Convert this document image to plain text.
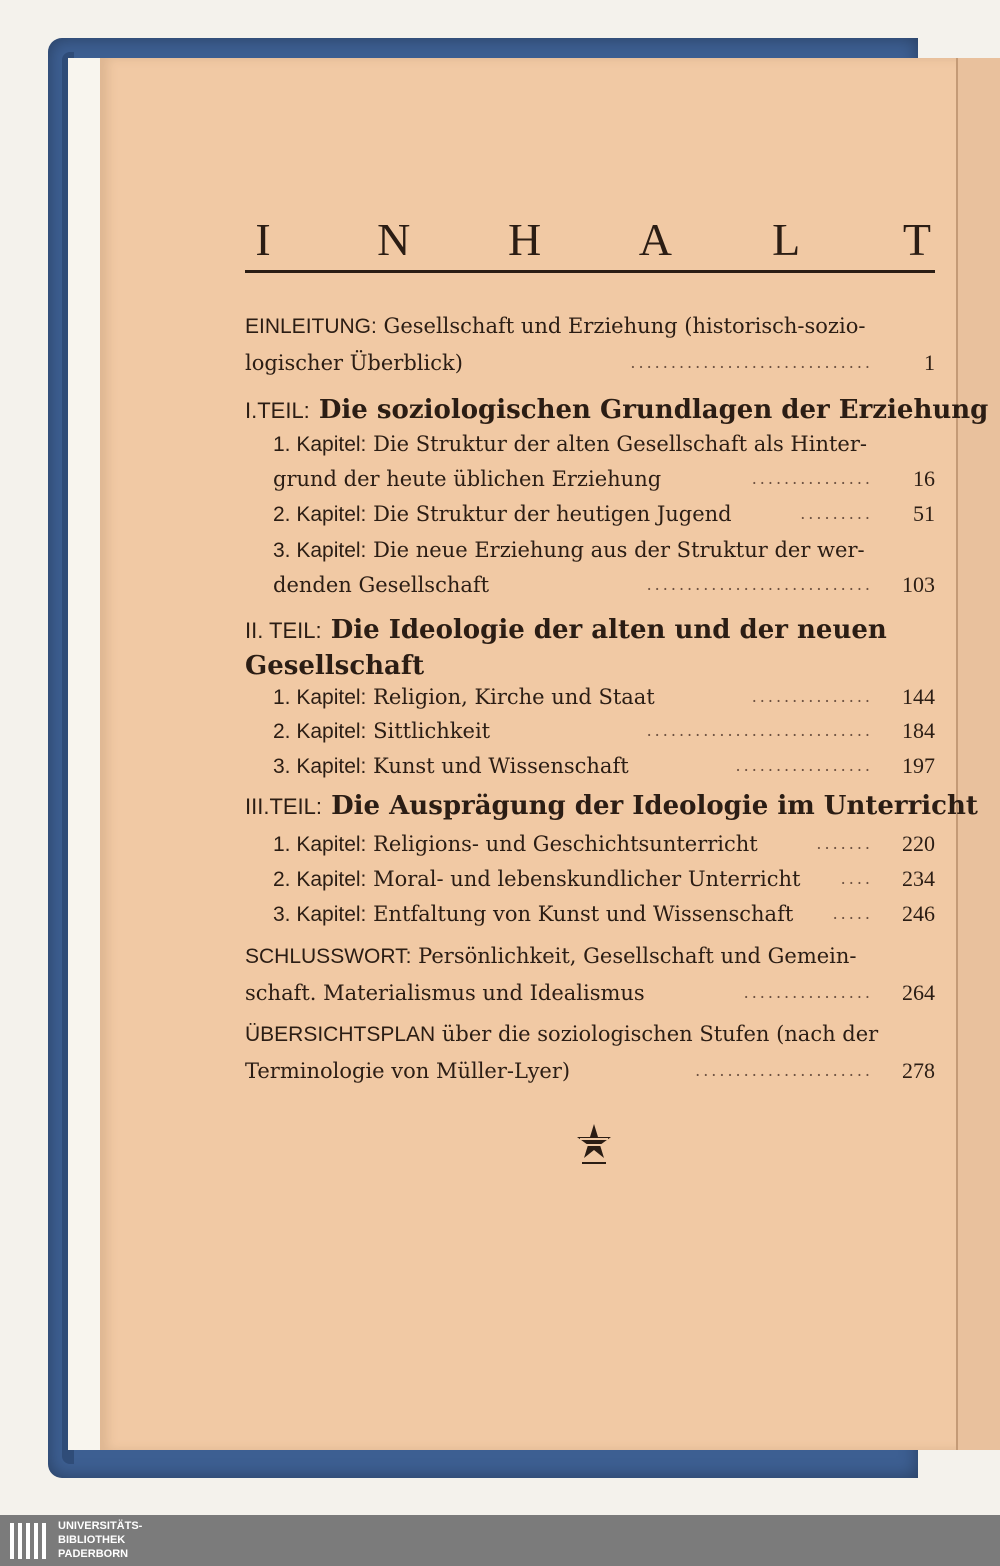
I N H A L T
EINLEITUNG: Gesellschaft und Erziehung (historisch-sozio-
logischer Überblick)	.............................. 1
I.TEIL: Die soziologischen Grundlagen der Erziehung
1. Kapitel: Die Struktur der alten Gesellschaft als Hinter-
grund der heute üblichen Erziehung	............... 16
2. Kapitel: Die Struktur der heutigen Jugend	......... 51
3. Kapitel: Die neue Erziehung aus der Struktur der wer-
denden Gesellschaft	............................ 103
II. TEIL: Die Ideologie der alten und der neuen
Gesellschaft
1. Kapitel: Religion, Kirche und Staat	............... 144
2. Kapitel: Sittlichkeit	............................ 184
3. Kapitel: Kunst und Wissenschaft	................. 197
III.TEIL: Die Ausprägung der Ideologie im Unterricht
1. Kapitel: Religions- und Geschichtsunterricht	....... 220
2. Kapitel: Moral- und lebenskundlicher Unterricht	.... 234
3. Kapitel: Entfaltung von Kunst und Wissenschaft	..... 246
SCHLUSSWORT: Persönlichkeit, Gesellschaft und Gemein-
schaft. Materialismus und Idealismus	................ 264
ÜBERSICHTSPLAN über die soziologischen Stufen (nach der
Terminologie von Müller-Lyer)	...................... 278
UNIVERSITÄTS-
BIBLIOTHEK
PADERBORN
